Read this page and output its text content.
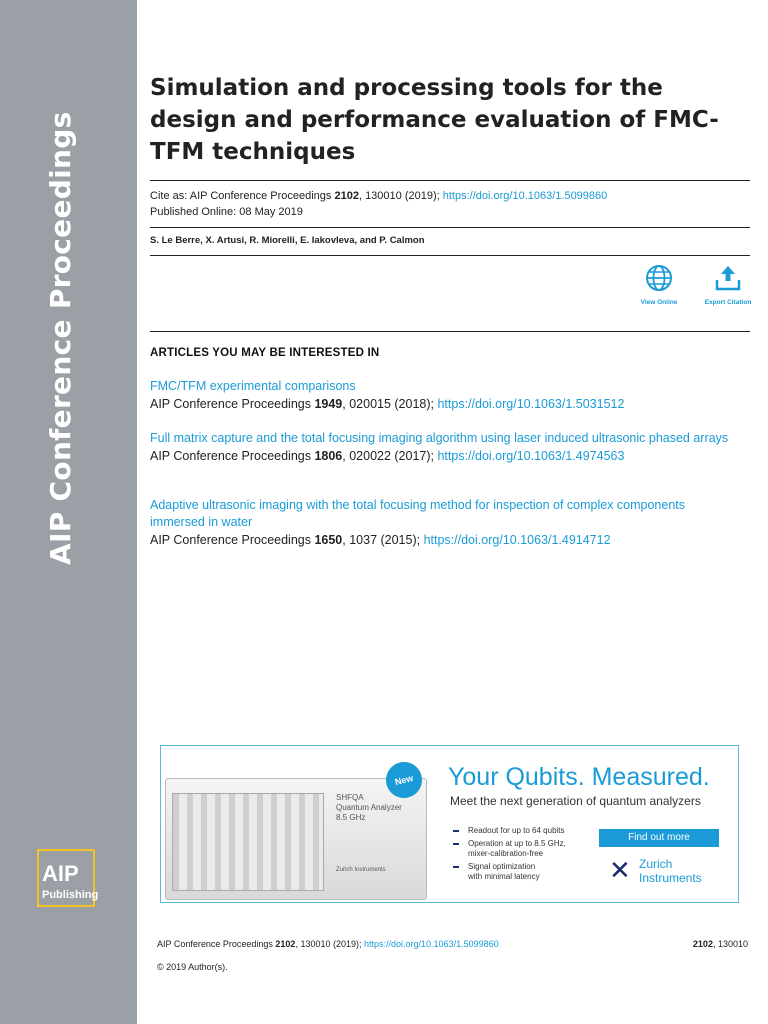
AIP Conference Proceedings
AIP
Publishing
Simulation and processing tools for the design and performance evaluation of FMC-TFM techniques
Cite as: AIP Conference Proceedings 2102, 130010 (2019); https://doi.org/10.1063/1.5099860
Published Online: 08 May 2019
S. Le Berre, X. Artusi, R. Miorelli, E. Iakovleva, and P. Calmon
View Online	Export Citation
ARTICLES YOU MAY BE INTERESTED IN
FMC/TFM experimental comparisons
AIP Conference Proceedings 1949, 020015 (2018); https://doi.org/10.1063/1.5031512
Full matrix capture and the total focusing imaging algorithm using laser induced ultrasonic phased arrays
AIP Conference Proceedings 1806, 020022 (2017); https://doi.org/10.1063/1.4974563
Adaptive ultrasonic imaging with the total focusing method for inspection of complex components immersed in water
AIP Conference Proceedings 1650, 1037 (2015); https://doi.org/10.1063/1.4914712
SHFQA
Quantum Analyzer
8.5 GHz
Zurich Instruments
New	Your Qubits. Measured.
Meet the next generation of quantum analyzers
Readout for up to 64 qubits
Operation at up to 8.5 GHz,
mixer-calibration-free
Signal optimization
with minimal latency
Find out more
✕ Zurich
Instruments
AIP Conference Proceedings 2102, 130010 (2019); https://doi.org/10.1063/1.5099860	2102, 130010
© 2019 Author(s).
